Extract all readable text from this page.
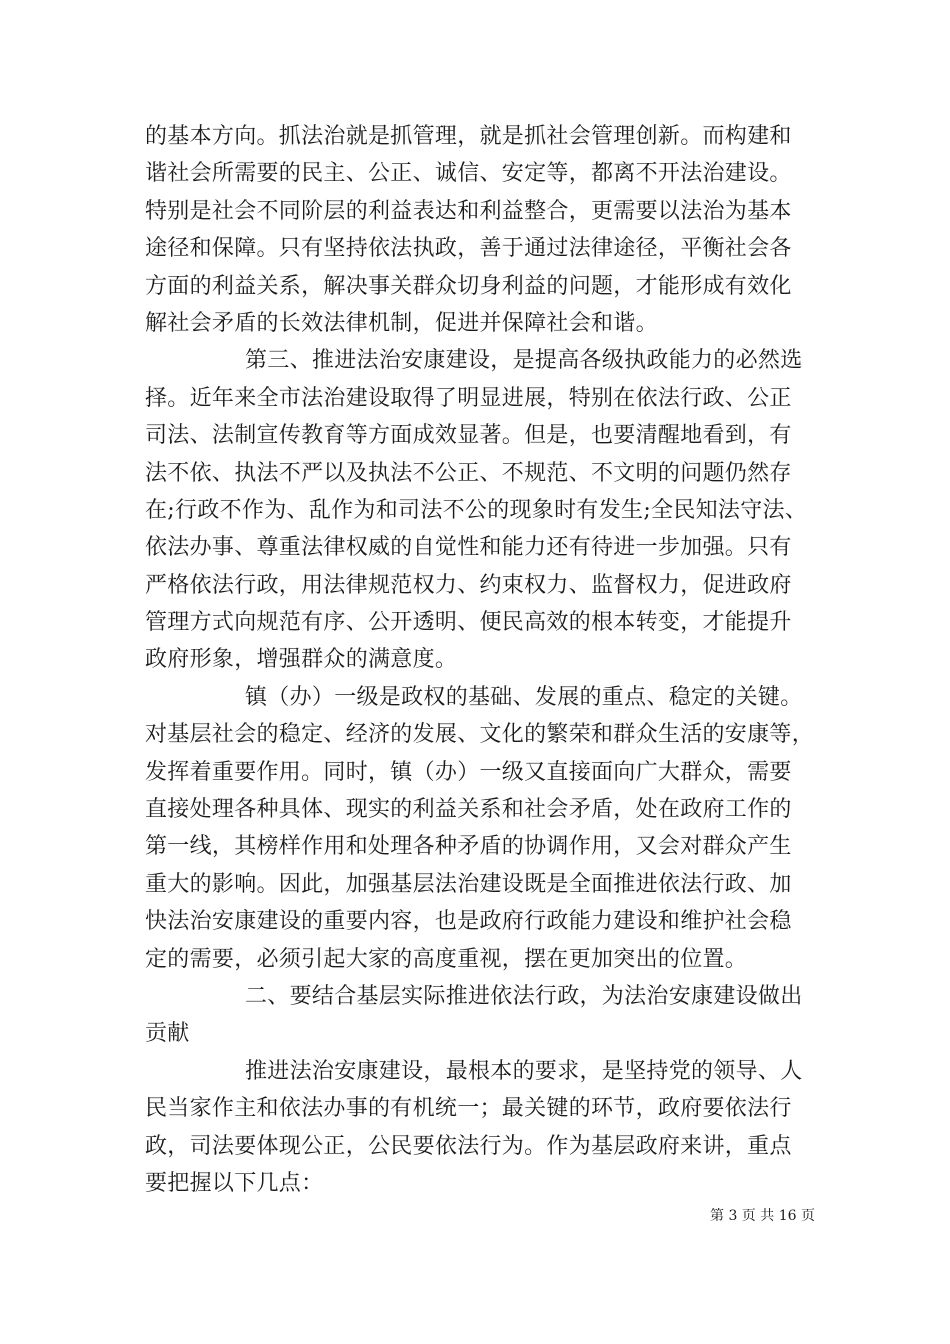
的基本方向。抓法治就是抓管理，就是抓社会管理创新。而构建和
谐社会所需要的民主、公正、诚信、安定等，都离不开法治建设。
特别是社会不同阶层的利益表达和利益整合，更需要以法治为基本
途径和保障。只有坚持依法执政，善于通过法律途径，平衡社会各
方面的利益关系，解决事关群众切身利益的问题，才能形成有效化
解社会矛盾的长效法律机制，促进并保障社会和谐。
第三、推进法治安康建设，是提高各级执政能力的必然选
择。近年来全市法治建设取得了明显进展，特别在依法行政、公正
司法、法制宣传教育等方面成效显著。但是，也要清醒地看到，有
法不依、执法不严以及执法不公正、不规范、不文明的问题仍然存
在;行政不作为、乱作为和司法不公的现象时有发生;全民知法守法、
依法办事、尊重法律权威的自觉性和能力还有待进一步加强。只有
严格依法行政，用法律规范权力、约束权力、监督权力，促进政府
管理方式向规范有序、公开透明、便民高效的根本转变，才能提升
政府形象，增强群众的满意度。
镇（办）一级是政权的基础、发展的重点、稳定的关键。
对基层社会的稳定、经济的发展、文化的繁荣和群众生活的安康等，
发挥着重要作用。同时，镇（办）一级又直接面向广大群众，需要
直接处理各种具体、现实的利益关系和社会矛盾，处在政府工作的
第一线，其榜样作用和处理各种矛盾的协调作用，又会对群众产生
重大的影响。因此，加强基层法治建设既是全面推进依法行政、加
快法治安康建设的重要内容，也是政府行政能力建设和维护社会稳
定的需要，必须引起大家的高度重视，摆在更加突出的位置。
二、要结合基层实际推进依法行政，为法治安康建设做出
贡献
推进法治安康建设，最根本的要求，是坚持党的领导、人
民当家作主和依法办事的有机统一；最关键的环节，政府要依法行
政，司法要体现公正，公民要依法行为。作为基层政府来讲，重点
要把握以下几点：
第 3 页 共 16 页
